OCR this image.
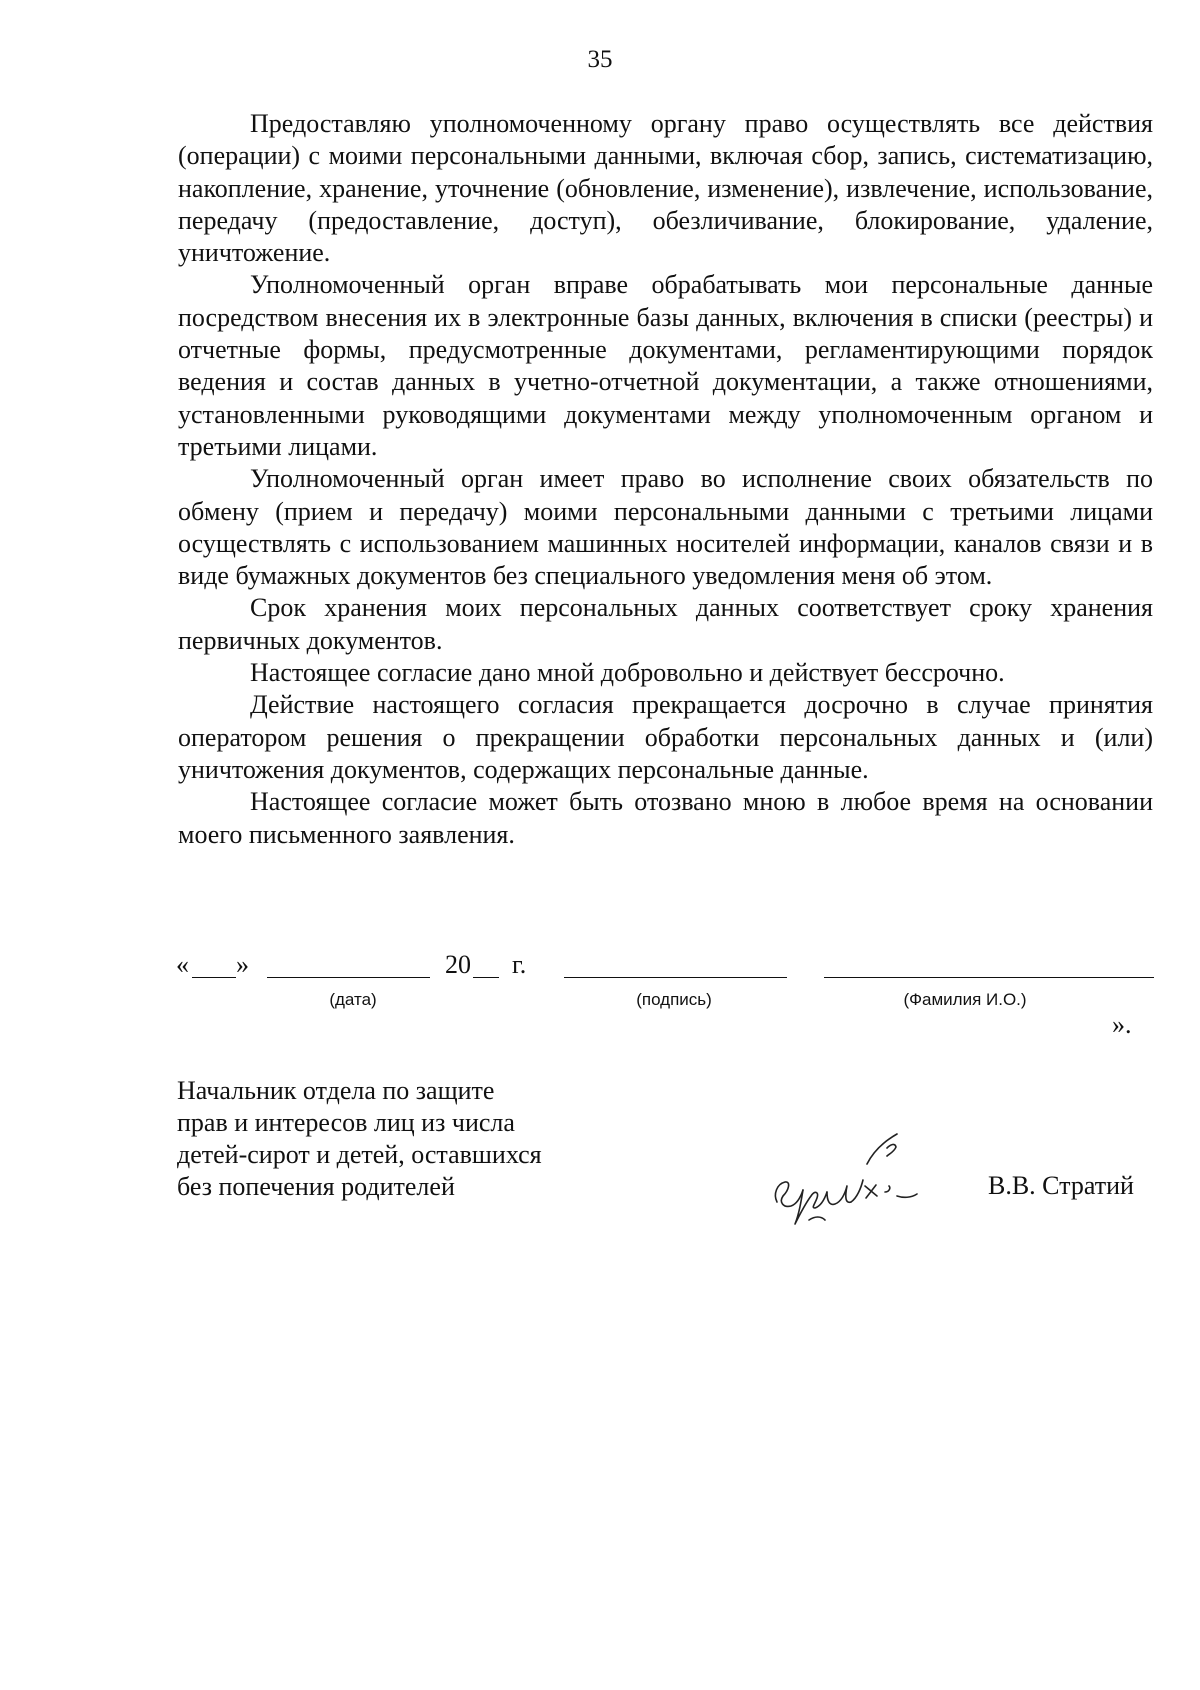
35

Предоставляю уполномоченному органу право осуществлять все действия (операции) с моими персональными данными, включая сбор, запись, систематизацию, накопление, хранение, уточнение (обновление, изменение), извлечение, использование, передачу (предоставление, доступ), обезличивание, блокирование, удаление, уничтожение.

Уполномоченный орган вправе обрабатывать мои персональные данные посредством внесения их в электронные базы данных, включения в списки (реестры) и отчетные формы, предусмотренные документами, регламентирующими порядок ведения и состав данных в учетно-отчетной документации, а также отношениями, установленными руководящими документами между уполномоченным органом и третьими лицами.

Уполномоченный орган имеет право во исполнение своих обязательств по обмену (прием и передачу) моими персональными данными с третьими лицами осуществлять с использованием машинных носителей информации, каналов связи и в виде бумажных документов без специального уведомления меня об этом.

Срок хранения моих персональных данных соответствует сроку хранения первичных документов.

Настоящее согласие дано мной добровольно и действует бессрочно.

Действие настоящего согласия прекращается досрочно в случае принятия оператором решения о прекращении обработки персональных данных и (или) уничтожения документов, содержащих персональные данные.

Настоящее согласие может быть отозвано мною в любое время на основании моего письменного заявления.

« »	20 г.
(дата)	(подпись)	(Фамилия И.О.)
».
Начальник отдела по защите
прав и интересов лиц из числа
детей-сирот и детей, оставшихся
без попечения родителей	В.В. Стратий
